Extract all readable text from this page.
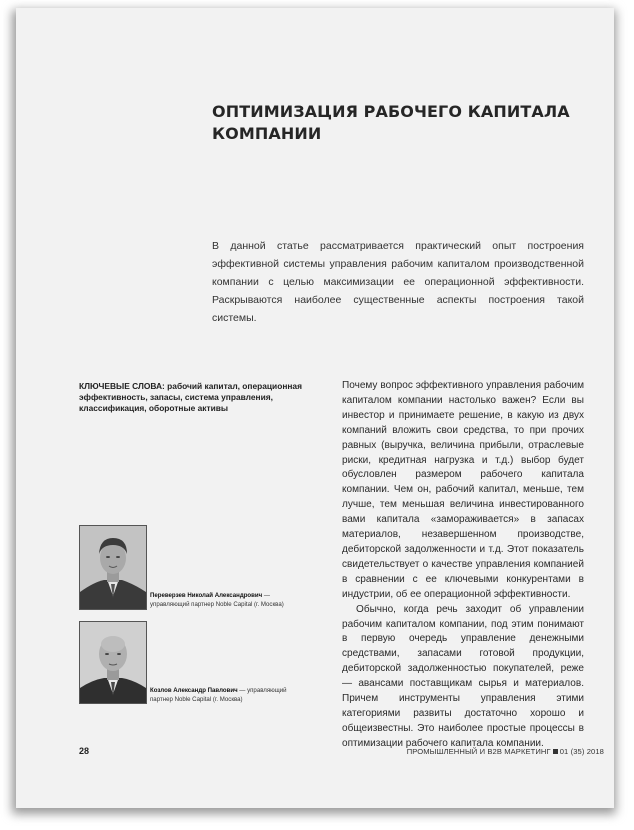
ОПТИМИЗАЦИЯ РАБОЧЕГО КАПИТАЛА КОМПАНИИ
В данной статье рассматривается практический опыт построения эффективной системы управления рабочим капиталом производственной компании с целью максимизации ее операционной эффективности. Раскрываются наиболее существенные аспекты построения такой системы.
КЛЮЧЕВЫЕ СЛОВА: рабочий капитал, операционная эффективность, запасы, система управления, классификация, оборотные активы
Переверзев Николай Александрович — управляющий партнер Noble Capital (г. Москва)
Козлов Александр Павлович — управляющий партнер Noble Capital (г. Москва)

Почему вопрос эффективного управления рабочим капиталом компании настолько важен? Если вы инвестор и принимаете решение, в какую из двух компаний вложить свои средства, то при прочих равных (выручка, величина прибыли, отраслевые риски, кредитная нагрузка и т.д.) выбор будет обусловлен размером рабочего капитала компании. Чем он, рабочий капитал, меньше, тем лучше, тем меньшая величина инвестированного вами капитала «замораживается» в запасах материалов, незавершенном производстве, дебиторской задолженности и т.д. Этот показатель свидетельствует о качестве управления компанией в сравнении с ее ключевыми конкурентами в индустрии, об ее операционной эффективности.

Обычно, когда речь заходит об управлении рабочим капиталом компании, под этим понимают в первую очередь управление денежными средствами, запасами готовой продукции, дебиторской задолженностью покупателей, реже — авансами поставщикам сырья и материалов. Причем инструменты управления этими категориями развиты достаточно хорошо и общеизвестны. Это наиболее простые процессы в оптимизации рабочего капитала компании.

28	ПРОМЫШЛЕННЫЙ И В2В МАРКЕТИНГ 01 (35) 2018
